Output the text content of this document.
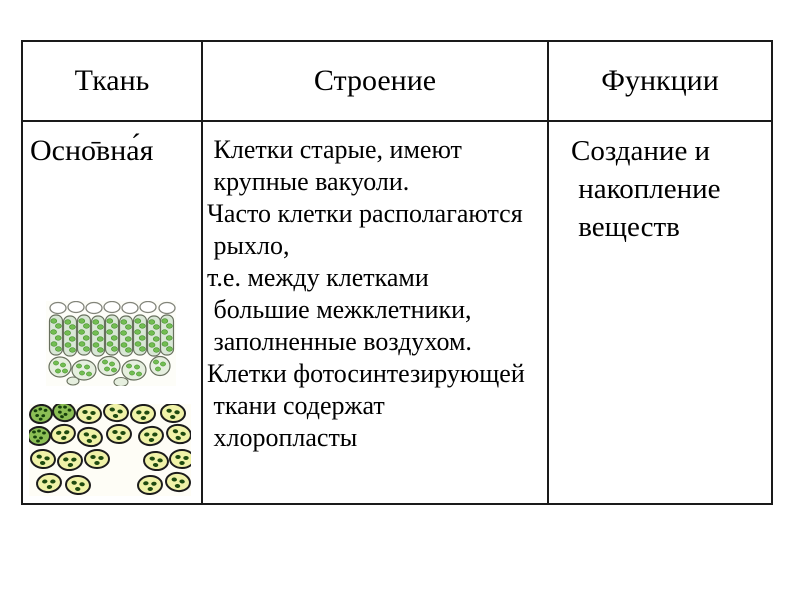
Ткань	Строение	Функции
Осно̄вна́я Клетки старые, имеют
крупные вакуоли.
Часто клетки располагаются
рыхло,
т.е. между клетками
большие межклетники,
заполненные воздухом.
Клетки фотосинтезирующей
ткани содержат
хлоропласты
Создание и
накопление
веществ
